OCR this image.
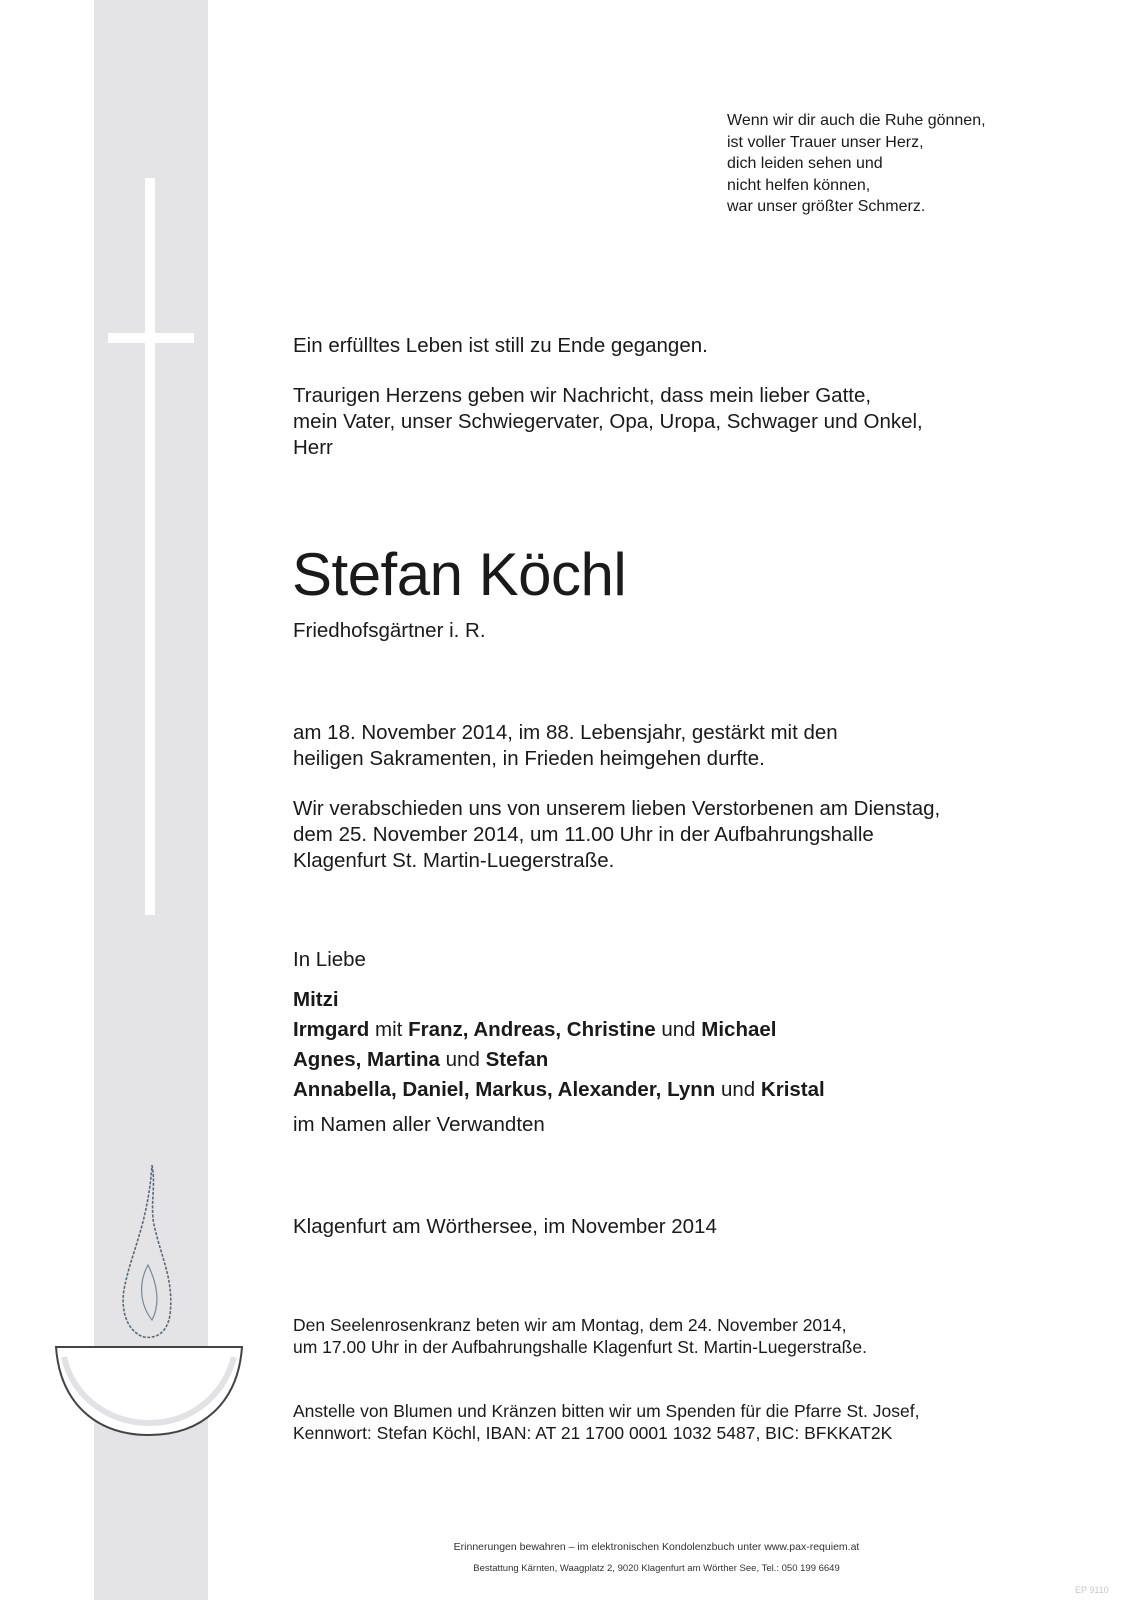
Wenn wir dir auch die Ruhe gönnen,
ist voller Trauer unser Herz,
dich leiden sehen und
nicht helfen können,
war unser größter Schmerz.
Ein erfülltes Leben ist still zu Ende gegangen.
Traurigen Herzens geben wir Nachricht, dass mein lieber Gatte,
mein Vater, unser Schwiegervater, Opa, Uropa, Schwager und Onkel,
Herr
Stefan Köchl
Friedhofsgärtner i. R.
am 18. November 2014, im 88. Lebensjahr, gestärkt mit den
heiligen Sakramenten, in Frieden heimgehen durfte.
Wir verabschieden uns von unserem lieben Verstorbenen am Dienstag,
dem 25. November 2014, um 11.00 Uhr in der Aufbahrungshalle
Klagenfurt St. Martin-Luegerstraße.
In Liebe
Mitzi
Irmgard mit Franz, Andreas, Christine und Michael
Agnes, Martina und Stefan
Annabella, Daniel, Markus, Alexander, Lynn und Kristal
im Namen aller Verwandten
Klagenfurt am Wörthersee, im November 2014
Den Seelenrosenkranz beten wir am Montag, dem 24. November 2014,
um 17.00 Uhr in der Aufbahrungshalle Klagenfurt St. Martin-Luegerstraße.
Anstelle von Blumen und Kränzen bitten wir um Spenden für die Pfarre St. Josef,
Kennwort: Stefan Köchl, IBAN: AT 21 1700 0001 1032 5487, BIC: BFKKAT2K
Erinnerungen bewahren – im elektronischen Kondolenzbuch unter www.pax-requiem.at
Bestattung Kärnten, Waagplatz 2, 9020 Klagenfurt am Wörther See, Tel.: 050 199 6649
EP 9110
